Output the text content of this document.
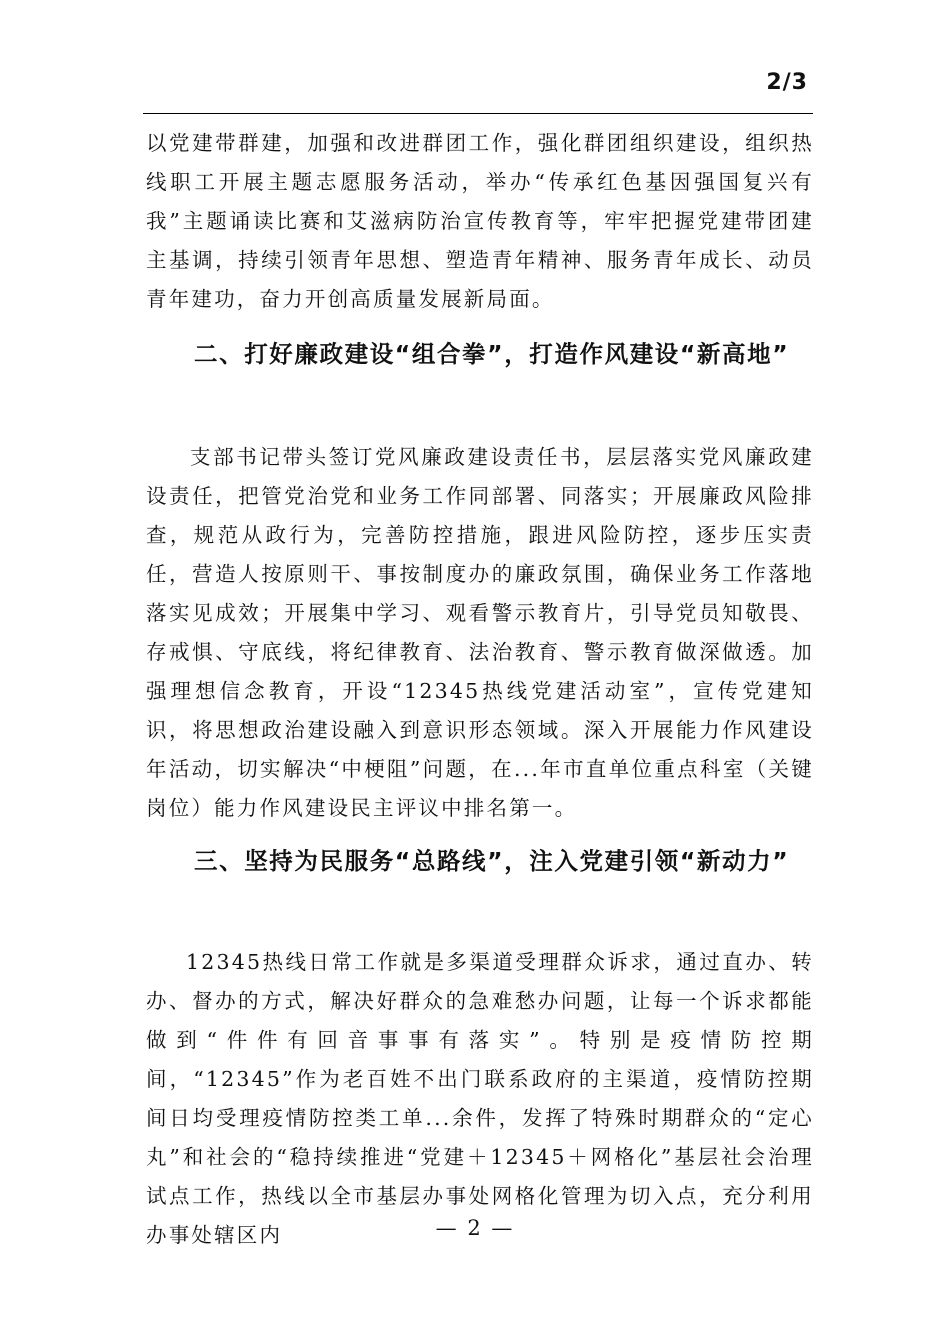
2/3
以党建带群建，加强和改进群团工作，强化群团组织建设，组织热线职工开展主题志愿服务活动，举办“传承红色基因强国复兴有我”主题诵读比赛和艾滋病防治宣传教育等，牢牢把握党建带团建主基调，持续引领青年思想、塑造青年精神、服务青年成长、动员青年建功，奋力开创高质量发展新局面。
二、打好廉政建设“组合拳”，打造作风建设“新高地”
支部书记带头签订党风廉政建设责任书，层层落实党风廉政建设责任，把管党治党和业务工作同部署、同落实；开展廉政风险排查，规范从政行为，完善防控措施，跟进风险防控，逐步压实责任，营造人按原则干、事按制度办的廉政氛围，确保业务工作落地落实见成效；开展集中学习、观看警示教育片，引导党员知敬畏、存戒惧、守底线，将纪律教育、法治教育、警示教育做深做透。加强理想信念教育，开设“12345热线党建活动室”，宣传党建知识，将思想政治建设融入到意识形态领域。深入开展能力作风建设年活动，切实解决“中梗阻”问题，在...年市直单位重点科室（关键岗位）能力作风建设民主评议中排名第一。
三、坚持为民服务“总路线”，注入党建引领“新动力”
12345热线日常工作就是多渠道受理群众诉求，通过直办、转办、督办的方式，解决好群众的急难愁办问题，让每一个诉求都能做到“件件有回音事事有落实”。特别是疫情防控期间，“12345”作为老百姓不出门联系政府的主渠道，疫情防控期间日均受理疫情防控类工单...余件，发挥了特殊时期群众的“定心丸”和社会的“稳持续推进“党建＋12345＋网格化”基层社会治理试点工作，热线以全市基层办事处网格化管理为切入点，充分利用办事处辖区内	— 2 —
